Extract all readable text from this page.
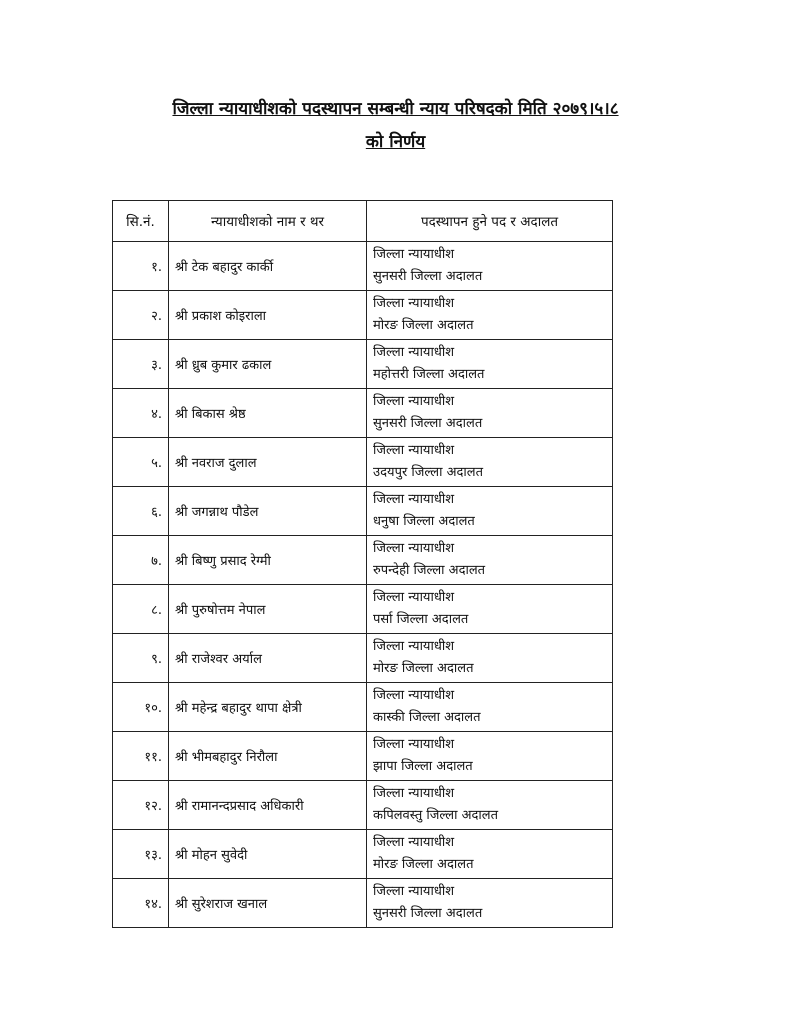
जिल्ला न्यायाधीशको पदस्थापन सम्बन्धी न्याय परिषदको मिति २०७९।५।८
को निर्णय
सि.नं.	न्यायाधीशको नाम र थर	पदस्थापन हुने पद र अदालत
१.	श्री टेक बहादुर कार्की	जिल्ला न्यायाधीश
सुनसरी जिल्ला अदालत

२.	श्री प्रकाश कोइराला	जिल्ला न्यायाधीश
मोरङ जिल्ला अदालत

३.	श्री ध्रुब कुमार ढकाल	जिल्ला न्यायाधीश
महोत्तरी जिल्ला अदालत

४.	श्री बिकास श्रेष्ठ	जिल्ला न्यायाधीश
सुनसरी जिल्ला अदालत

५.	श्री नवराज दुलाल	जिल्ला न्यायाधीश
उदयपुर जिल्ला अदालत

६.	श्री जगन्नाथ पौडेल	जिल्ला न्यायाधीश
धनुषा जिल्ला अदालत

७.	श्री बिष्णु प्रसाद रेग्मी	जिल्ला न्यायाधीश
रुपन्देही जिल्ला अदालत

८.	श्री पुरुषोत्तम नेपाल	जिल्ला न्यायाधीश
पर्सा जिल्ला अदालत

९.	श्री राजेश्वर अर्याल	जिल्ला न्यायाधीश
मोरङ जिल्ला अदालत

१०.	श्री महेन्द्र बहादुर थापा क्षेत्री	जिल्ला न्यायाधीश
कास्की जिल्ला अदालत

११.	श्री भीमबहादुर निरौला	जिल्ला न्यायाधीश
झापा जिल्ला अदालत

१२.	श्री रामानन्दप्रसाद अधिकारी	जिल्ला न्यायाधीश
कपिलवस्तु जिल्ला अदालत

१३.	श्री मोहन सुवेदी	जिल्ला न्यायाधीश
मोरङ जिल्ला अदालत

१४.	श्री सुरेशराज खनाल	जिल्ला न्यायाधीश
सुनसरी जिल्ला अदालत
